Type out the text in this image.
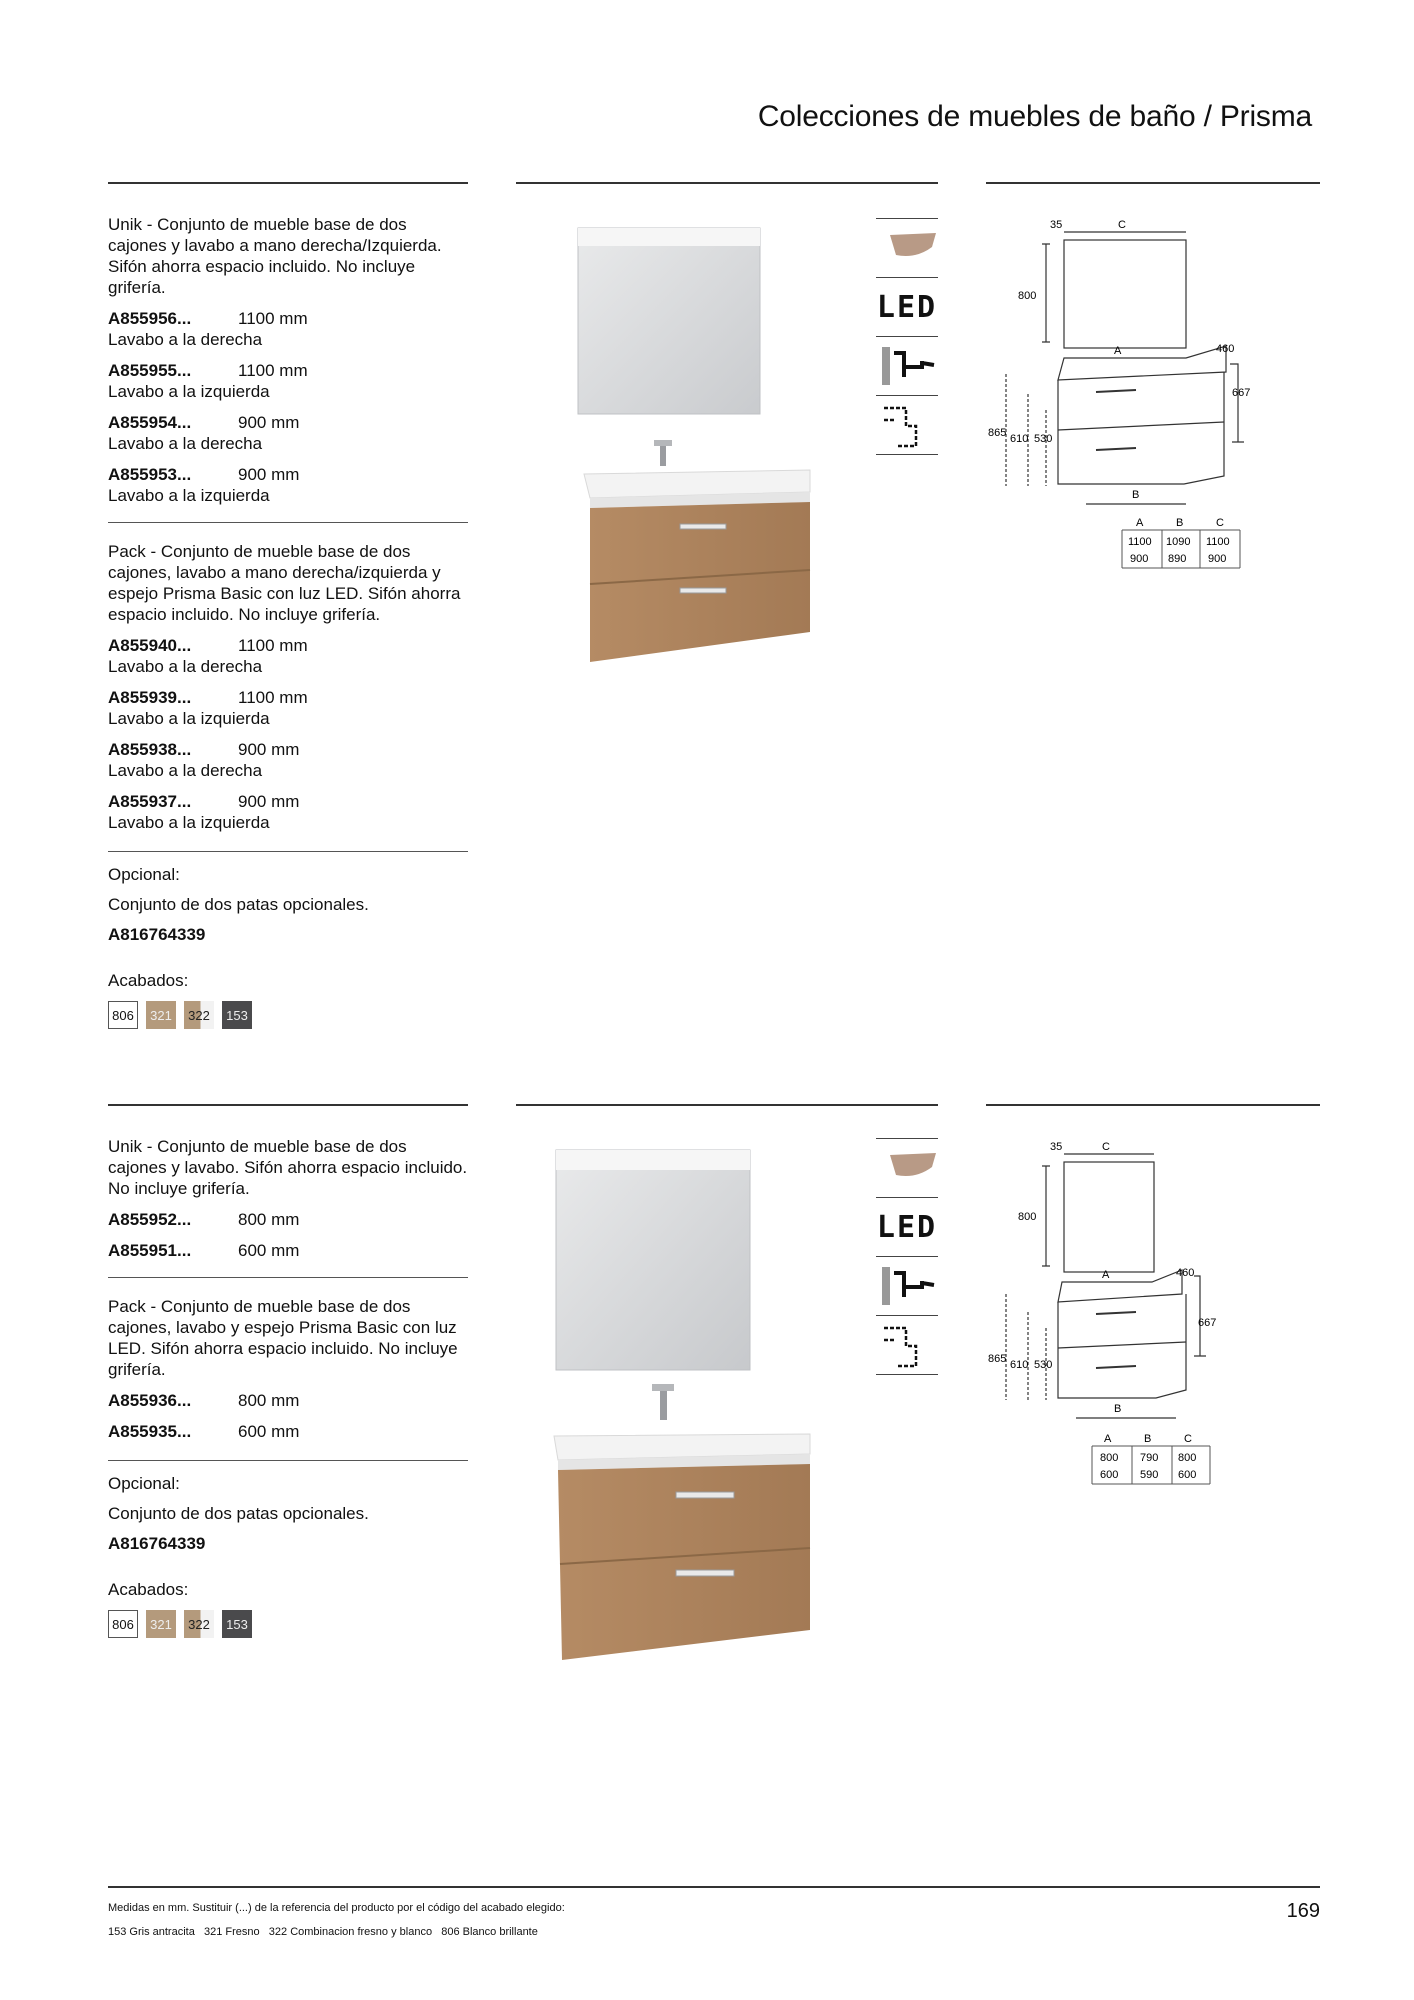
Colecciones de muebles de baño / Prisma

Unik - Conjunto de mueble base de dos cajones y lavabo a mano derecha/Izquierda. Sifón ahorra espacio incluido. No incluye grifería.

A855956...	1100 mm

Lavabo a la derecha

A855955...	1100 mm

Lavabo a la izquierda

A855954...	900 mm

Lavabo a la derecha

A855953...	900 mm

Lavabo a la izquierda

Pack - Conjunto de mueble base de dos cajones, lavabo a mano derecha/izquierda y espejo Prisma Basic con luz LED. Sifón ahorra espacio incluido. No incluye grifería.

A855940...	1100 mm

Lavabo a la derecha

A855939...	1100 mm

Lavabo a la izquierda

A855938...	900 mm

Lavabo a la derecha

A855937...	900 mm

Lavabo a la izquierda

Opcional:

Conjunto de dos patas opcionales.

A816764339

Acabados:

806	321	322	153
LED
35	C
800
A	460
667
865 610 530
B
A	B	C
1100 1090 1100
900 890 900

Unik - Conjunto de mueble base de dos cajones y lavabo. Sifón ahorra espacio incluido. No incluye grifería.

A855952...	800 mm
A855951...	600 mm

Pack - Conjunto de mueble base de dos cajones, lavabo y espejo Prisma Basic con luz LED. Sifón ahorra espacio incluido. No incluye grifería.

A855936...	800 mm
A855935...	600 mm

Opcional:

Conjunto de dos patas opcionales.

A816764339

Acabados:

806	321	322	153
LED
35	C
800
A	460
667
865 610 530
B
A	B	C
800 790 800
600 590 600
Medidas en mm. Sustituir (...) de la referencia del producto por el código del acabado elegido:
153 Gris antracita   321 Fresno   322 Combinacion fresno y blanco   806 Blanco brillante
169
